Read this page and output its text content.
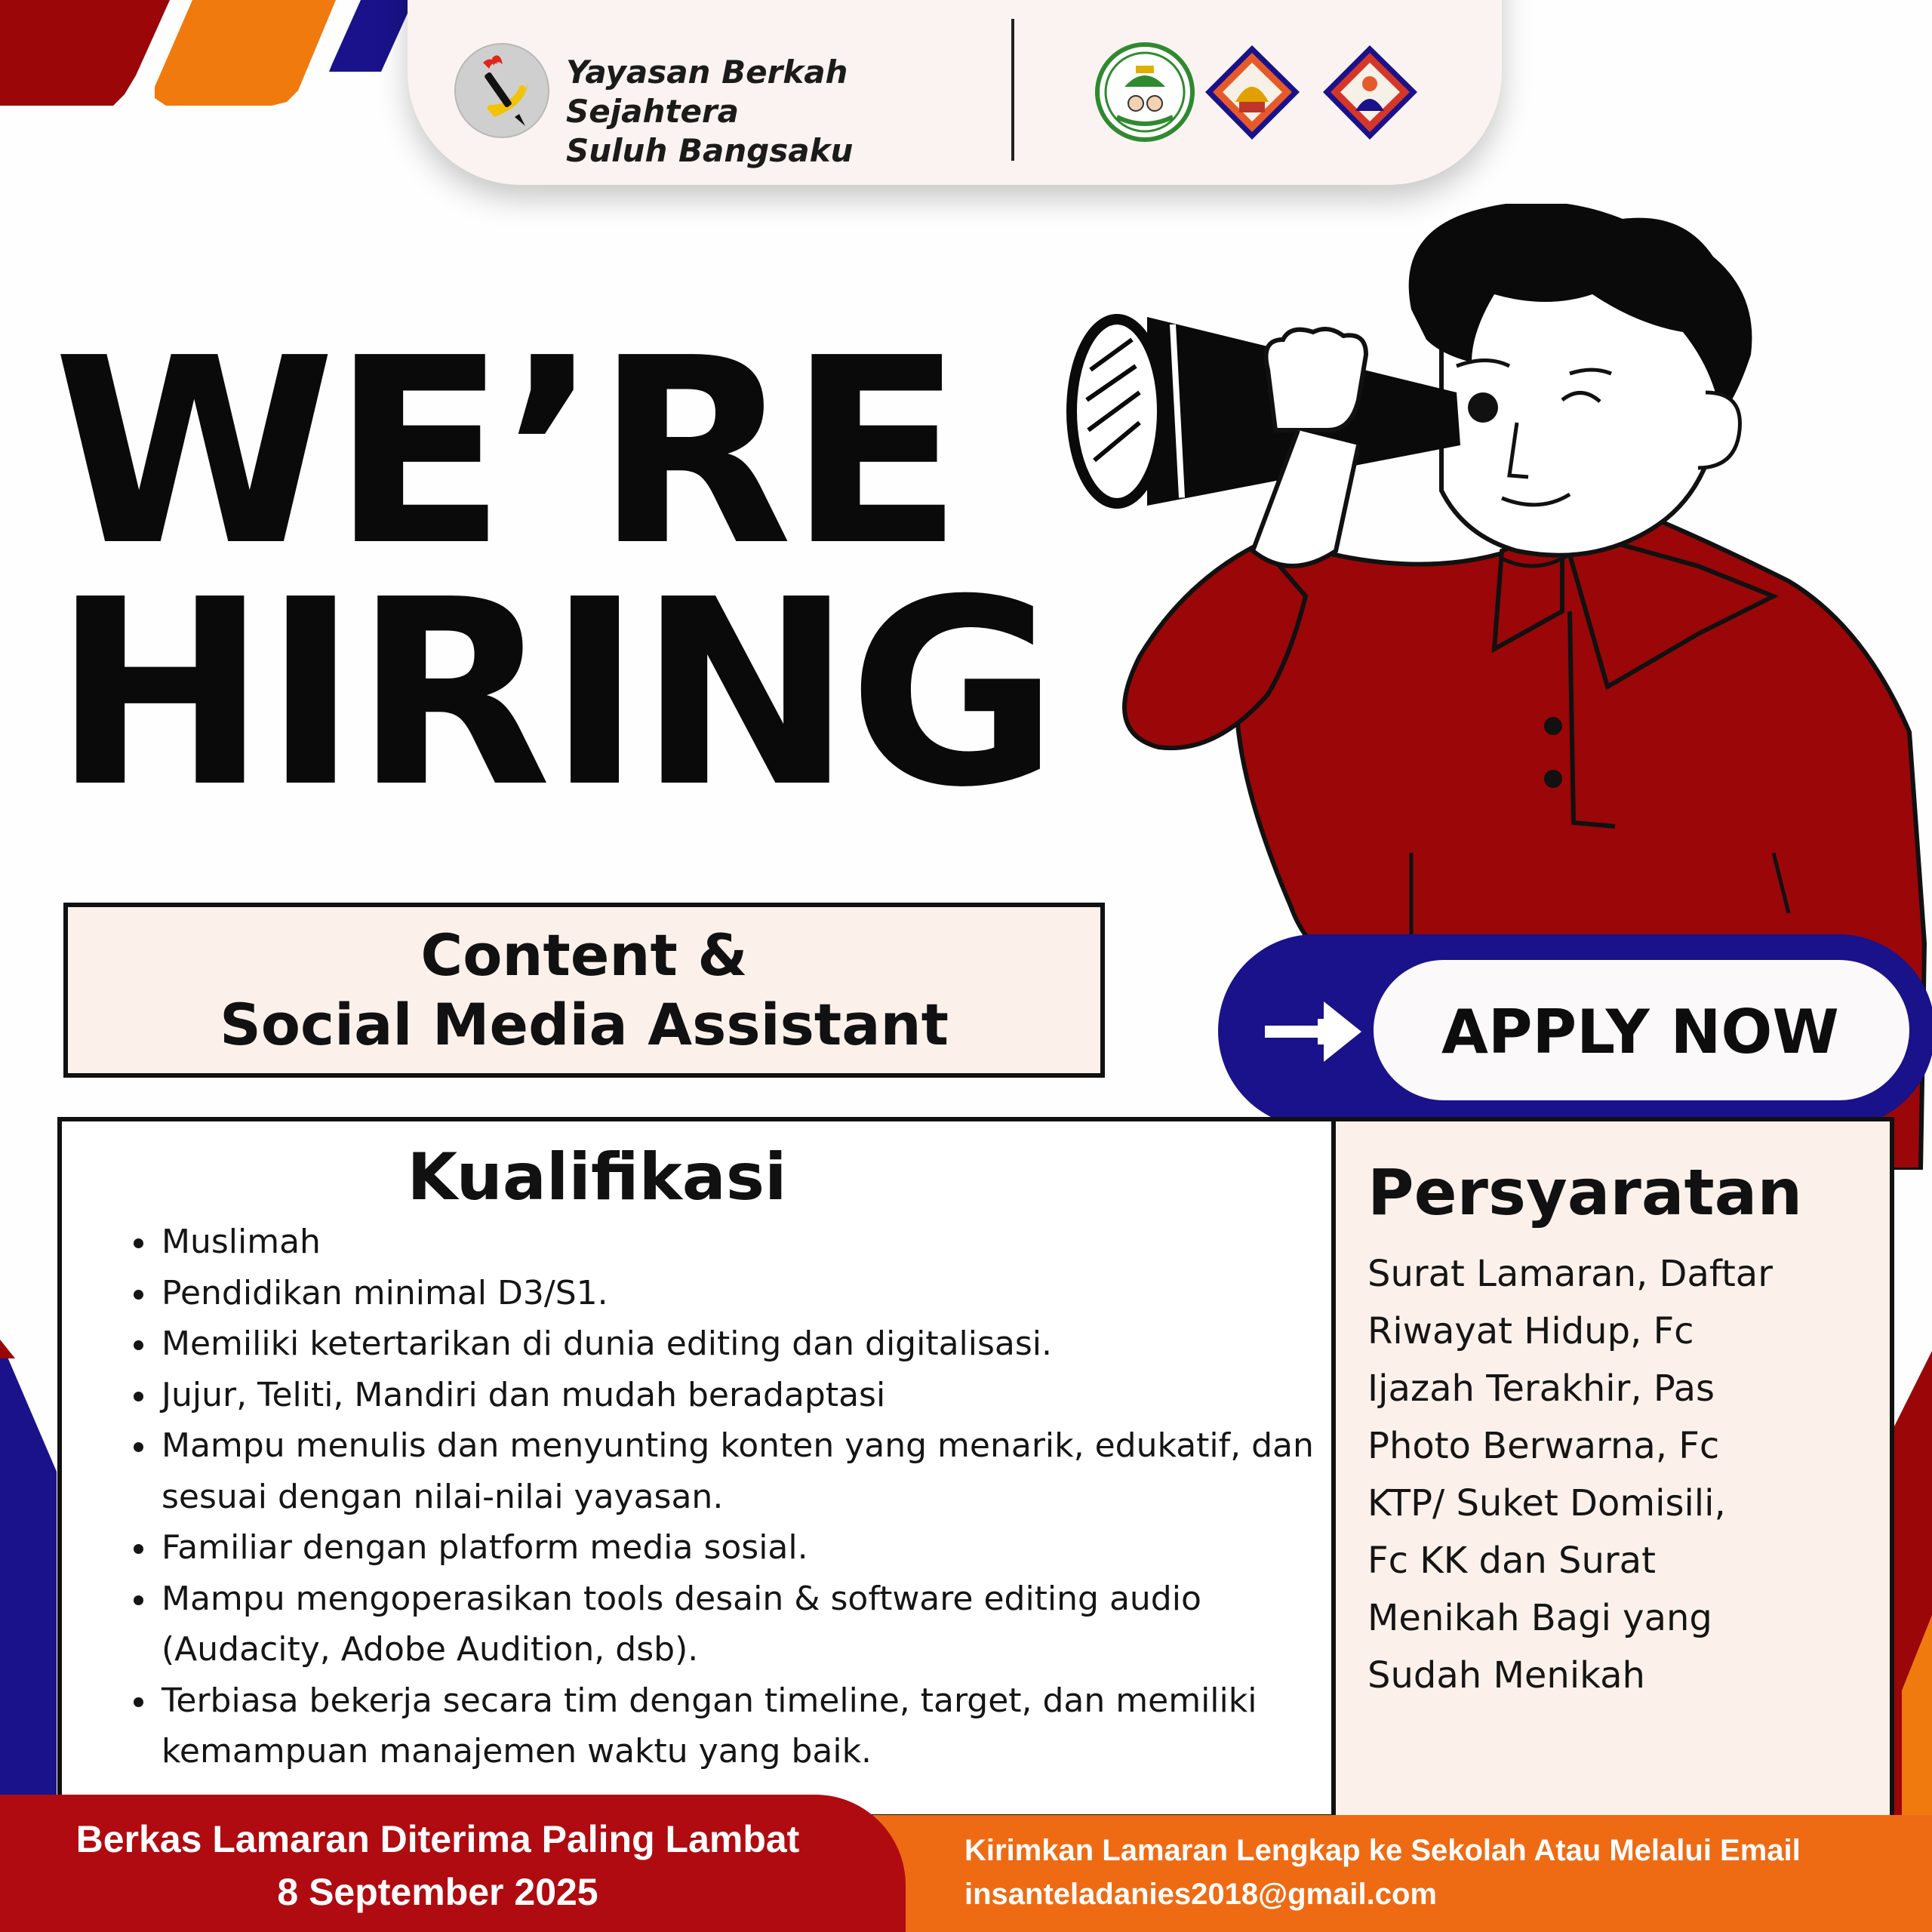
Yayasan Berkah Sejahtera
Suluh Bangsaku
WE’RE
HIRING
Content &
Social Media Assistant	APPLY NOW
Kualifikasi
• Muslimah
• Pendidikan minimal D3/S1.
• Memiliki ketertarikan di dunia editing dan digitalisasi.
• Jujur, Teliti, Mandiri dan mudah beradaptasi
• Mampu menulis dan menyunting konten yang menarik, edukatif, dan sesuai dengan nilai-nilai yayasan.
• Familiar dengan platform media sosial.
• Mampu mengoperasikan tools desain & software editing audio (Audacity, Adobe Audition, dsb).
• Terbiasa bekerja secara tim dengan timeline, target, dan memiliki kemampuan manajemen waktu yang baik.
Persyaratan
Surat Lamaran, Daftar
Riwayat Hidup, Fc
Ijazah Terakhir, Pas
Photo Berwarna, Fc
KTP/ Suket Domisili,
Fc KK dan Surat
Menikah Bagi yang
Sudah Menikah
Berkas Lamaran Diterima Paling Lambat
8 September 2025
Kirimkan Lamaran Lengkap ke Sekolah Atau Melalui Email
insanteladanies2018@gmail.com
